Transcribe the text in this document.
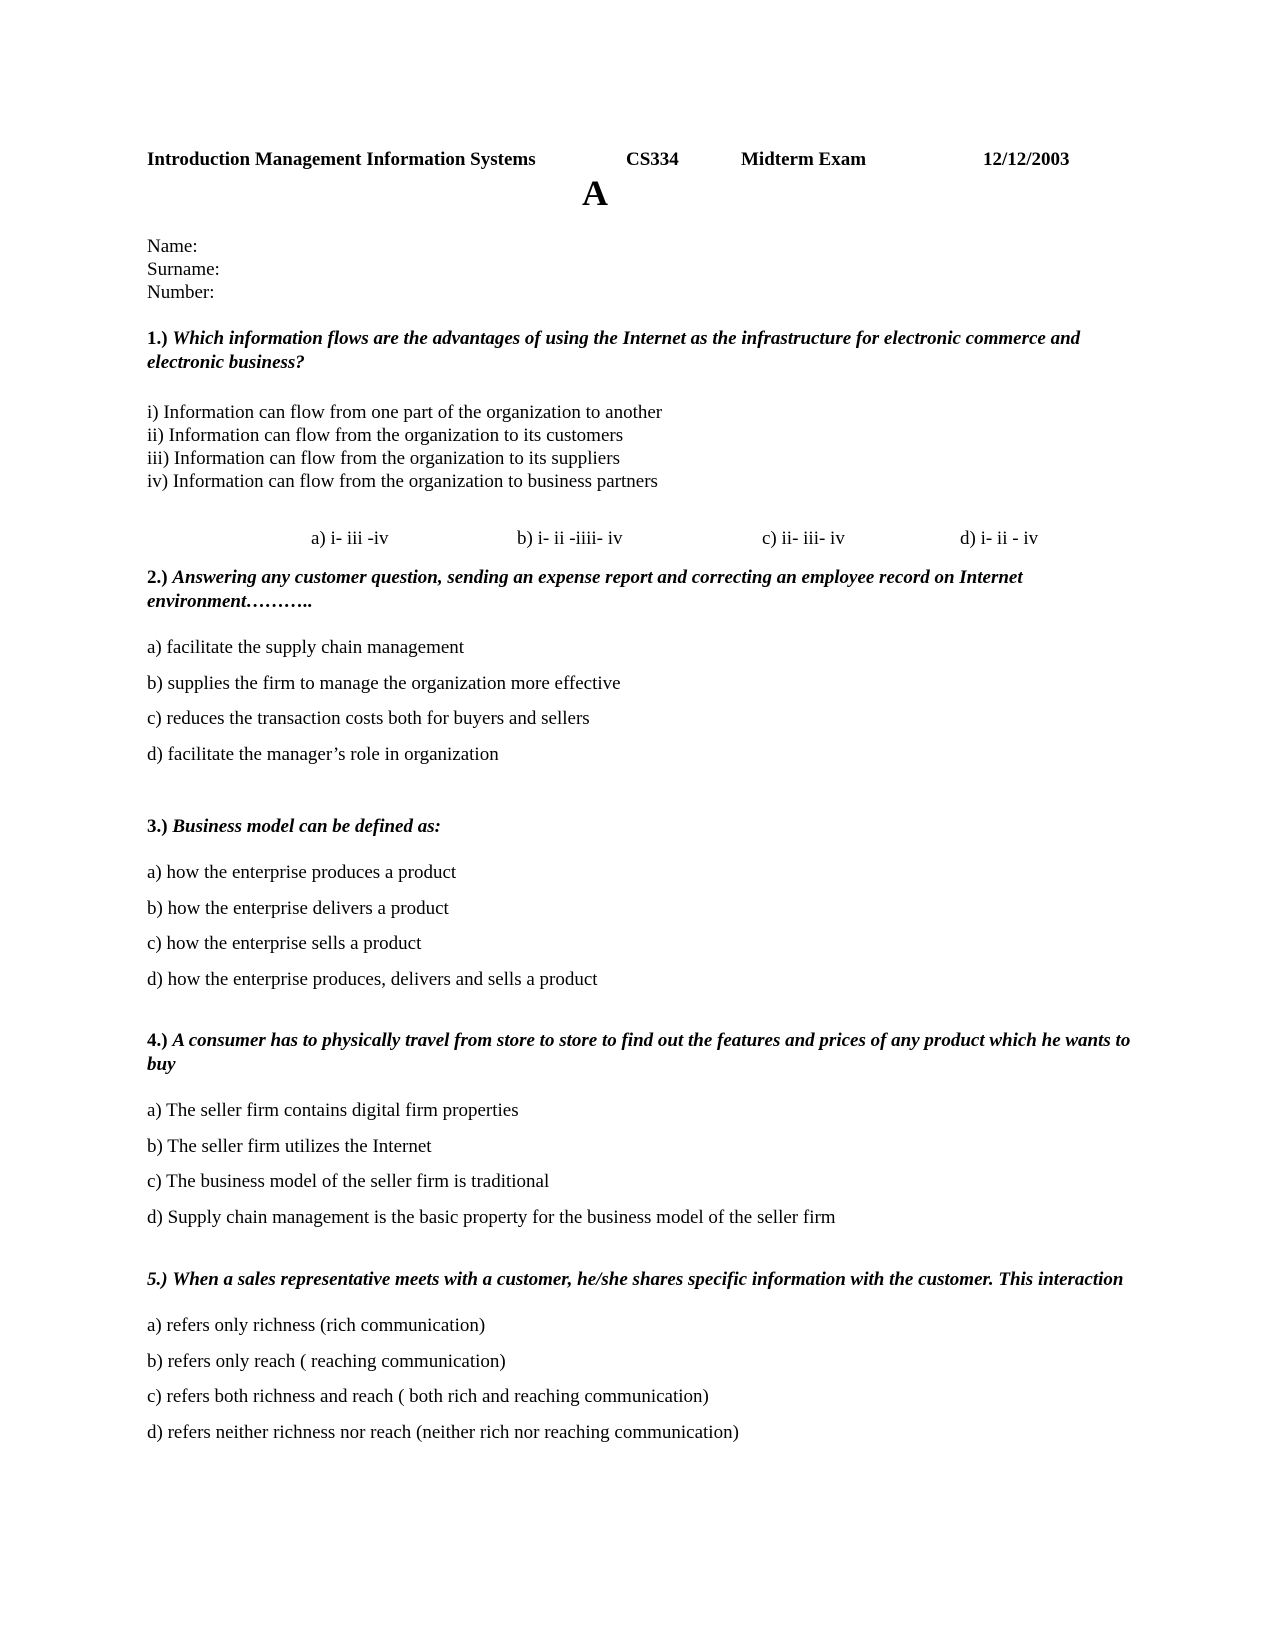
Introduction Management Information Systems	CS334	Midterm Exam	12/12/2003
A
Name:
Surname:
Number:
1.) Which information flows are the advantages of using the Internet as the infrastructure for electronic commerce and electronic business?
i) Information can flow from one part of the organization to another
ii) Information can flow from the organization to its customers
iii) Information can flow from the organization to its suppliers
iv) Information can flow from the organization to business partners
a) i- iii -iv	b) i- ii -iiii- iv	c) ii- iii- iv	d) i- ii - iv
2.) Answering any customer question, sending an expense report and correcting an employee record on Internet environment………..
a) facilitate the supply chain management
b) supplies the firm to manage the organization more effective
c) reduces the transaction costs both for buyers and sellers
d) facilitate the manager’s role in organization
3.) Business model can be defined as:
a) how the enterprise produces a product
b) how the enterprise delivers a product
c) how the enterprise sells a product
d) how the enterprise produces, delivers and sells a product
4.) A consumer has to physically travel from store to store to find out the features and prices of any product which he wants to buy
a) The seller firm contains digital firm properties
b) The seller firm utilizes the Internet
c) The business model of the seller firm is traditional
d) Supply chain management is the basic property for the business model of the seller firm
5.) When a sales representative meets with a customer, he/she shares specific information with the customer. This interaction
a) refers only richness (rich communication)
b) refers only reach ( reaching communication)
c) refers both richness and reach ( both rich and reaching communication)
d) refers neither richness nor reach (neither rich nor reaching communication)
